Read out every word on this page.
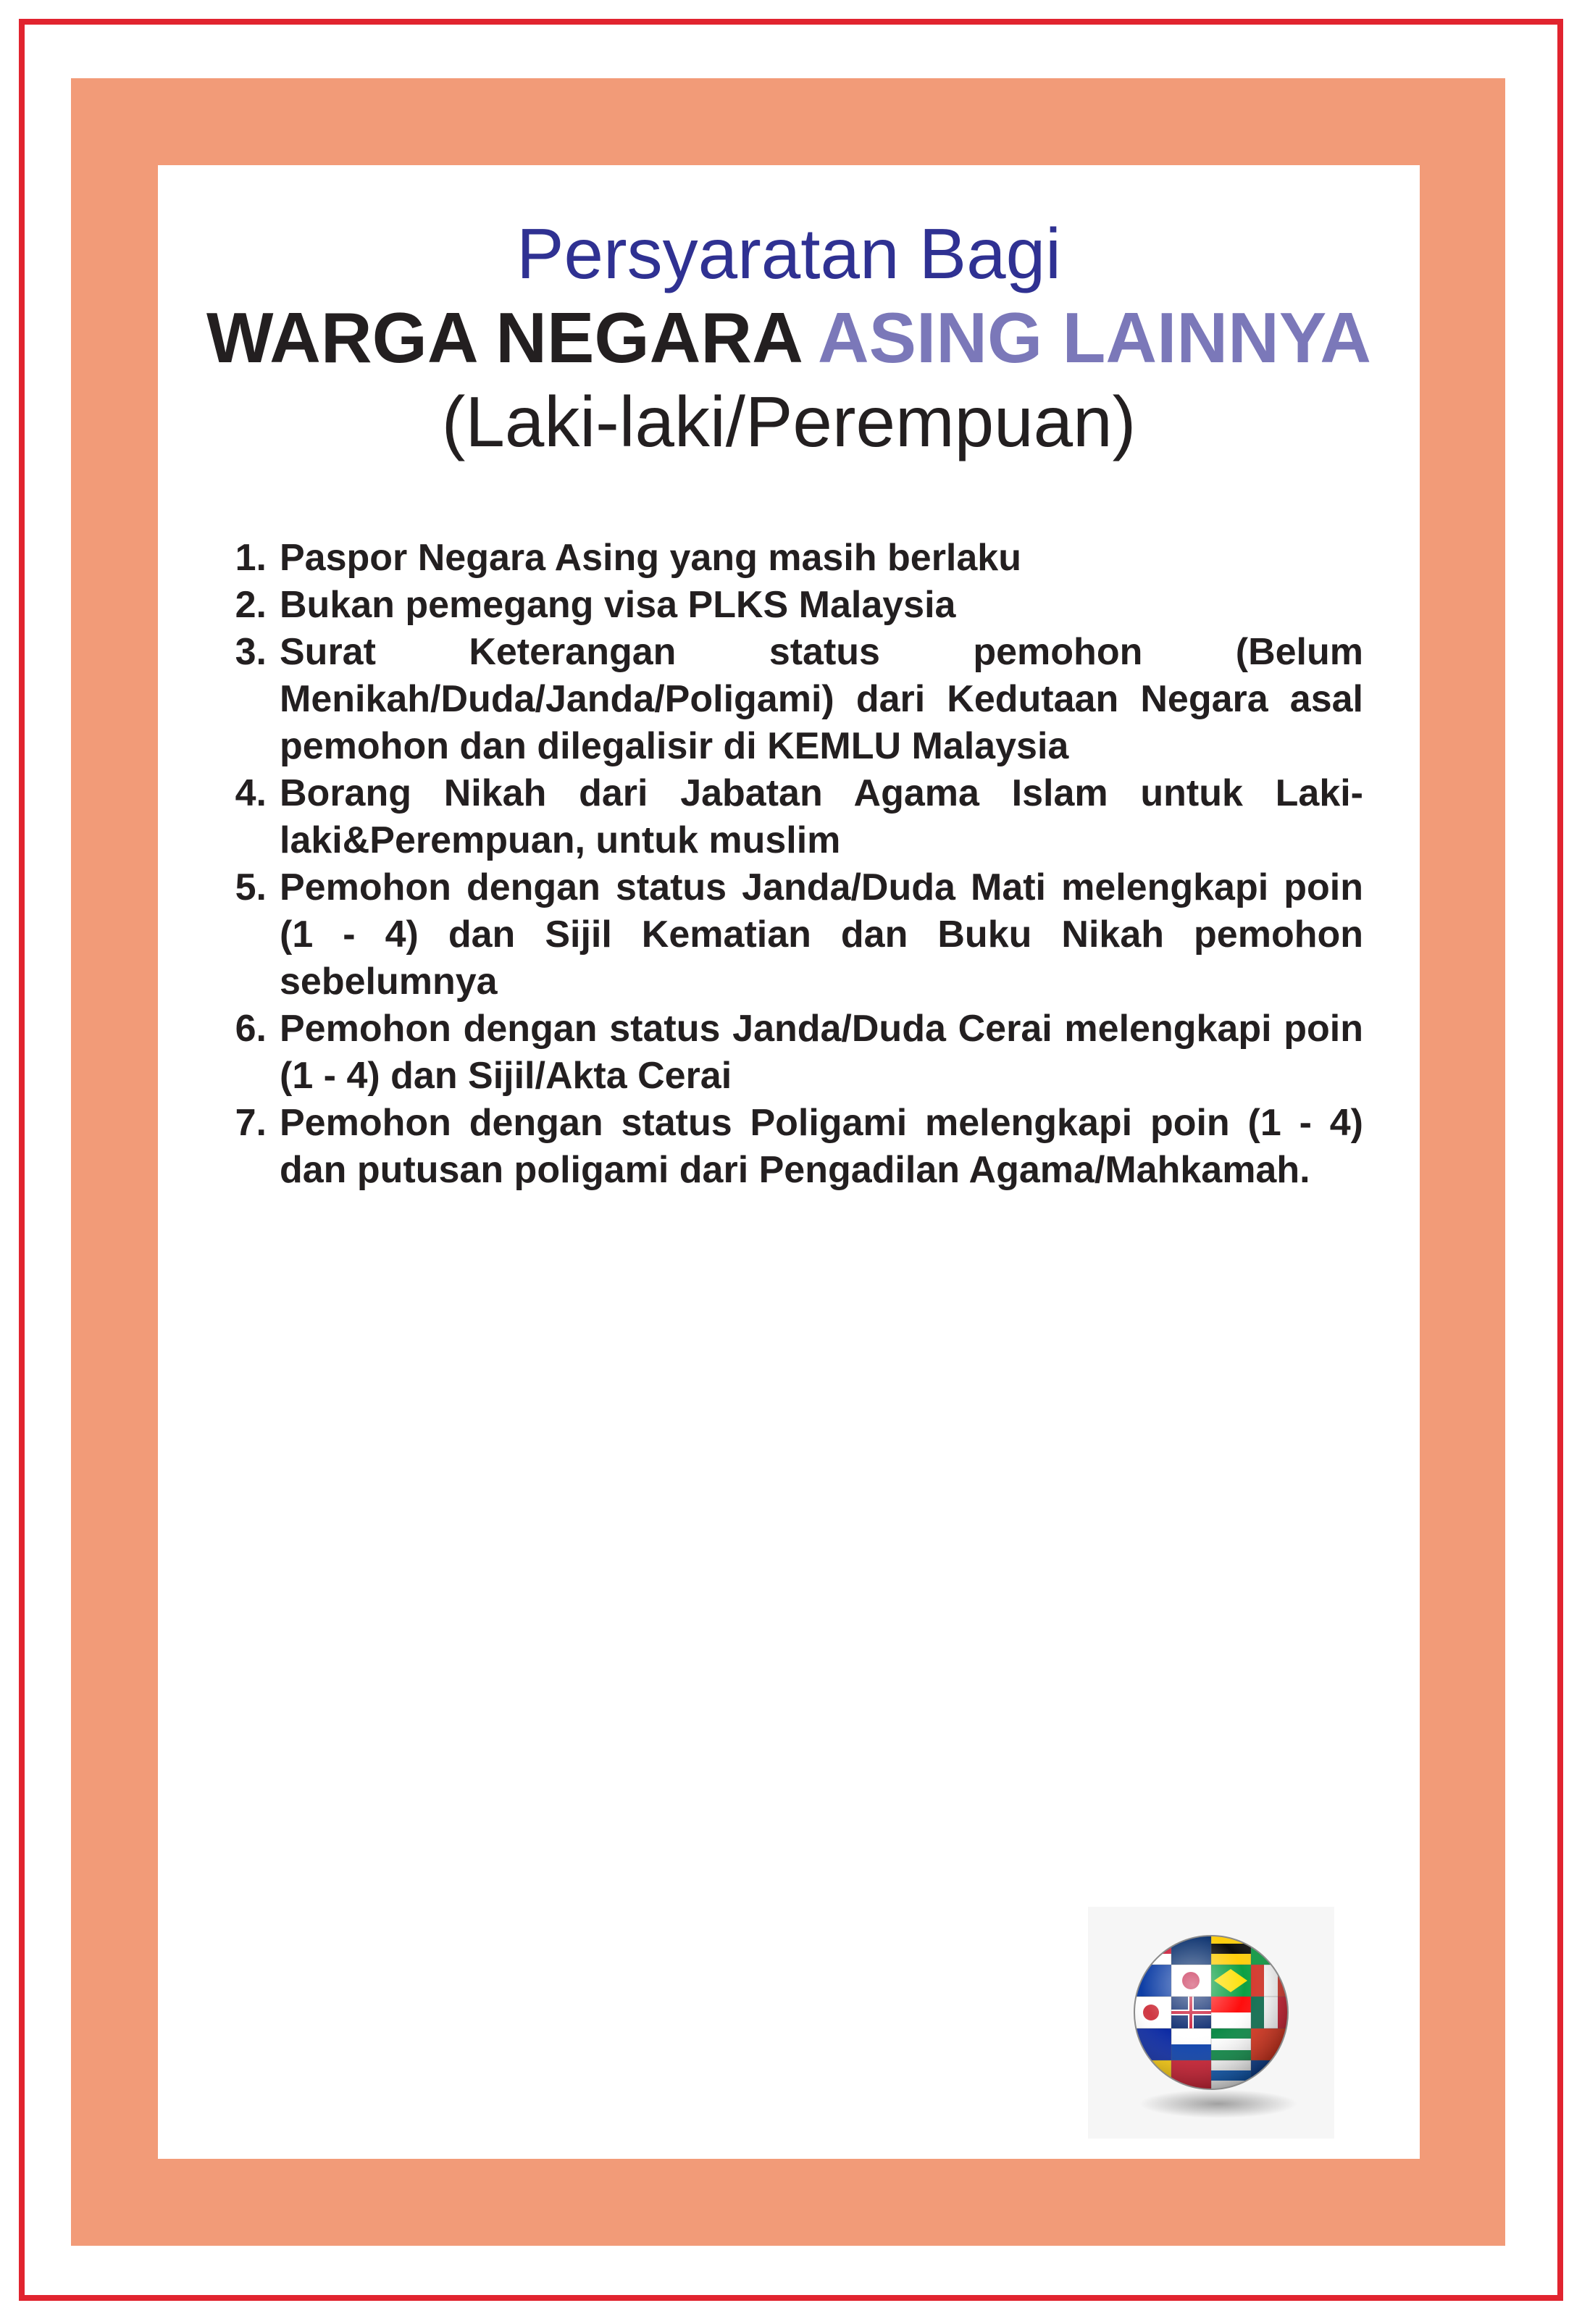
Persyaratan Bagi
WARGA NEGARA ASING LAINNYA
(Laki-laki/Perempuan)
1. Paspor Negara Asing yang masih berlaku
2. Bukan pemegang visa PLKS Malaysia
3. Surat Keterangan status pemohon (Belum Menikah/Duda/Janda/Poligami) dari Kedutaan Negara asal pemohon dan dilegalisir di KEMLU Malaysia
4. Borang Nikah dari Jabatan Agama Islam untuk Laki-laki&Perempuan, untuk muslim
5. Pemohon dengan status Janda/Duda Mati melengkapi poin (1 - 4) dan Sijil Kematian dan Buku Nikah pemohon sebelumnya
6. Pemohon dengan status Janda/Duda Cerai melengkapi poin (1 - 4) dan Sijil/Akta Cerai
7. Pemohon dengan status Poligami melengkapi poin (1 - 4) dan putusan poligami dari Pengadilan Agama/Mahkamah.
